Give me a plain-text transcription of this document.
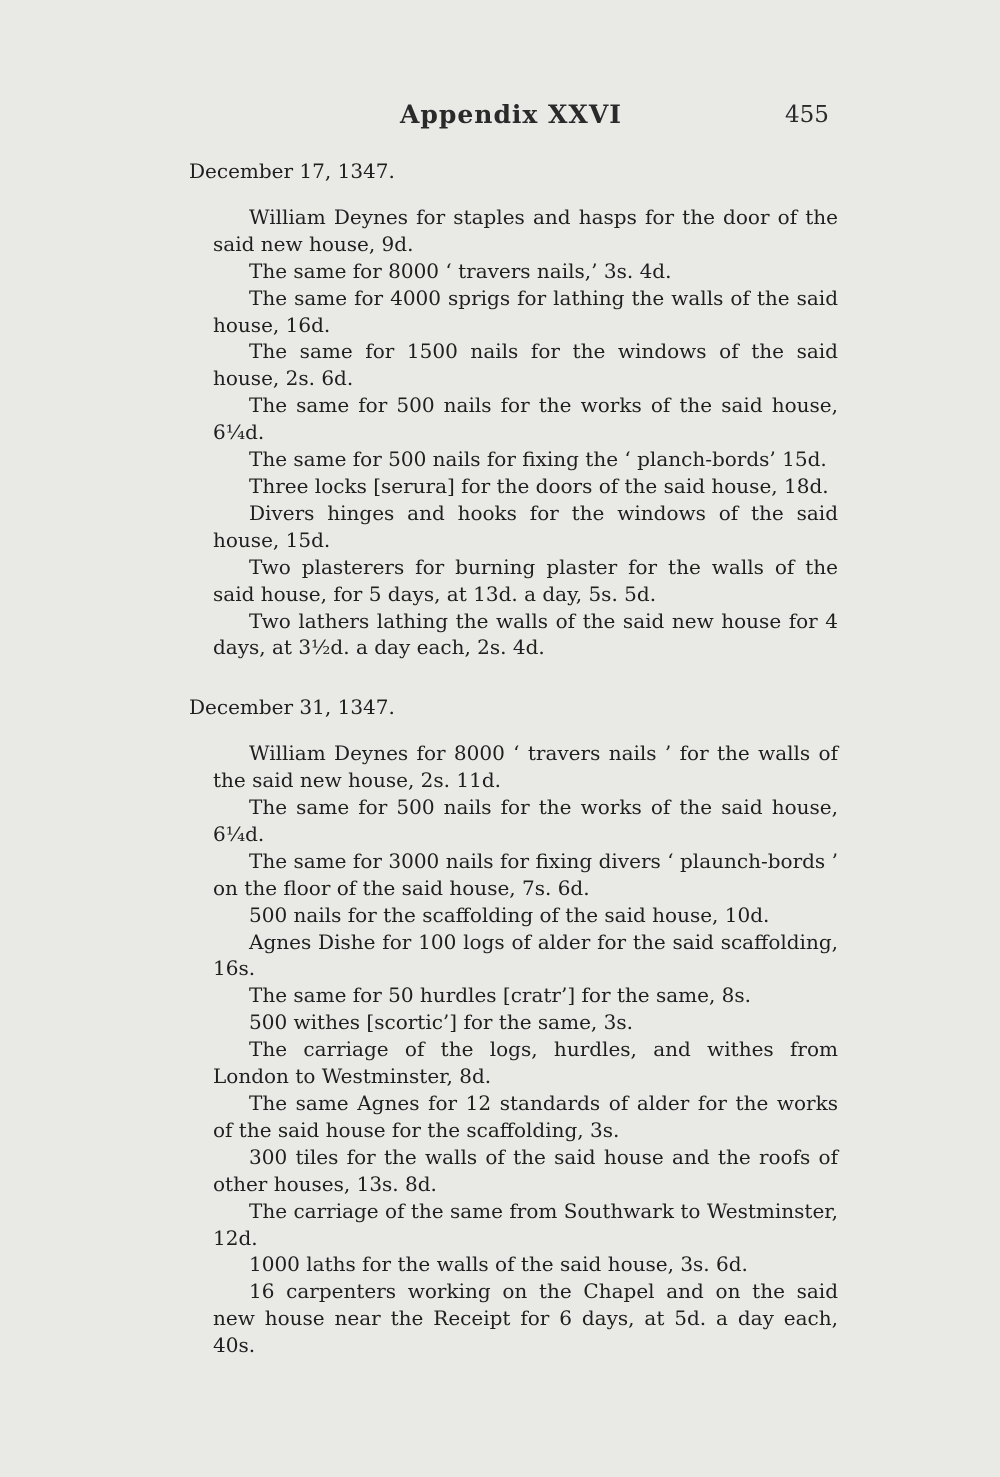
Appendix XXVI	455

December 17, 1347.

William Deynes for staples and hasps for the door of the said new house, 9d.

The same for 8000 ‘ travers nails,’ 3s. 4d.

The same for 4000 sprigs for lathing the walls of the said house, 16d.

The same for 1500 nails for the windows of the said house, 2s. 6d.

The same for 500 nails for the works of the said house, 6¼d.

The same for 500 nails for fixing the ‘ planch-bords’ 15d.

Three locks [serura] for the doors of the said house, 18d.

Divers hinges and hooks for the windows of the said house, 15d.

Two plasterers for burning plaster for the walls of the said house, for 5 days, at 13d. a day, 5s. 5d.

Two lathers lathing the walls of the said new house for 4 days, at 3½d. a day each, 2s. 4d.

December 31, 1347.

William Deynes for 8000 ‘ travers nails ’ for the walls of the said new house, 2s. 11d.

The same for 500 nails for the works of the said house, 6¼d.

The same for 3000 nails for fixing divers ‘ plaunch-bords ’ on the floor of the said house, 7s. 6d.

500 nails for the scaffolding of the said house, 10d.

Agnes Dishe for 100 logs of alder for the said scaffolding, 16s.

The same for 50 hurdles [cratr’] for the same, 8s.

500 withes [scortic’] for the same, 3s.

The carriage of the logs, hurdles, and withes from London to Westminster, 8d.

The same Agnes for 12 standards of alder for the works of the said house for the scaffolding, 3s.

300 tiles for the walls of the said house and the roofs of other houses, 13s. 8d.

The carriage of the same from Southwark to Westminster, 12d.

1000 laths for the walls of the said house, 3s. 6d.

16 carpenters working on the Chapel and on the said new house near the Receipt for 6 days, at 5d. a day each, 40s.
